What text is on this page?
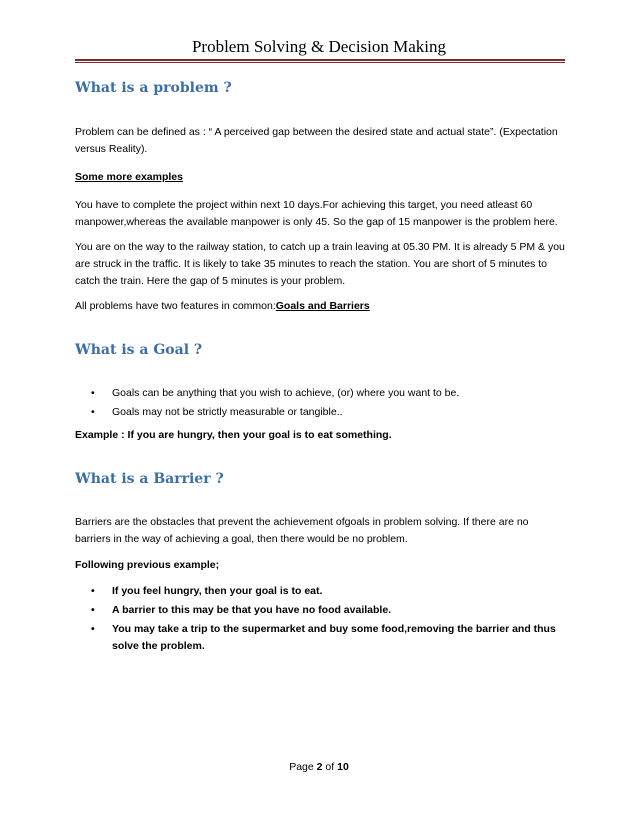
Problem Solving & Decision Making
What is a problem ?

Problem can be defined as : “ A perceived gap between the desired state and actual state”. (Expectation versus Reality).

Some more examples

You have to complete the project within next 10 days.For achieving this target, you need atleast 60 manpower,whereas the available manpower is only 45. So the gap of 15 manpower is the problem here.

You are on the way to the railway station, to catch up a train leaving at 05.30 PM. It is already 5 PM & you are struck in the traffic. It is likely to take 35 minutes to reach the station. You are short of 5 minutes to catch the train. Here the gap of 5 minutes is your problem.

All problems have two features in common:Goals and Barriers

What is a Goal ?
• Goals can be anything that you wish to achieve, (or) where you want to be.
• Goals may not be strictly measurable or tangible..

Example : If you are hungry, then your goal is to eat something.

What is a Barrier ?

Barriers are the obstacles that prevent the achievement ofgoals in problem solving. If there are no barriers in the way of achieving a goal, then there would be no problem.

Following previous example;

• If you feel hungry, then your goal is to eat.
• A barrier to this may be that you have no food available.
• You may take a trip to the supermarket and buy some food,removing the barrier and thus solve the problem.
Page 2 of 10
